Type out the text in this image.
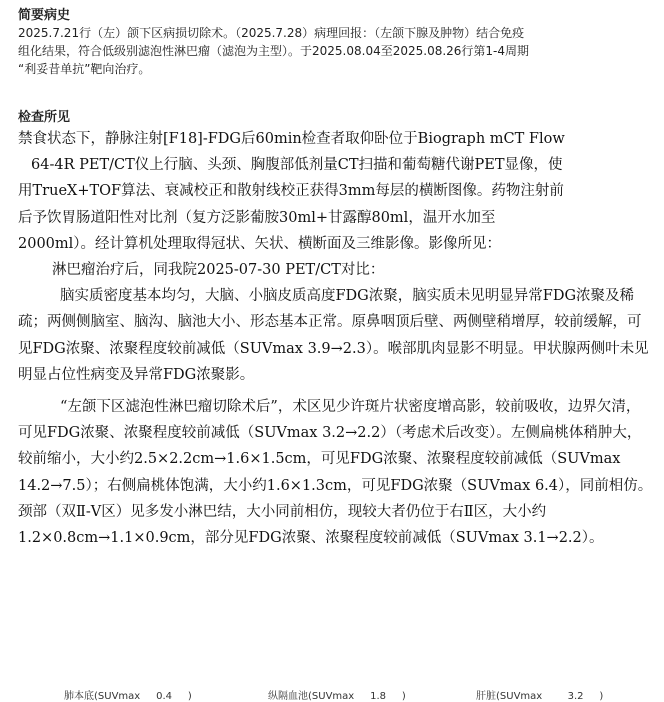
简要病史
2025.7.21行（左）颌下区病损切除术。（2025.7.28）病理回报：（左颌下腺及肿物）结合免疫
组化结果，符合低级别滤泡性淋巴瘤（滤泡为主型）。于2025.08.04至2025.08.26行第1-4周期
“利妥昔单抗”靶向治疗。
检查所见

禁食状态下，静脉注射[F18]-FDG后60min检查者取仰卧位于Biograph mCT Flow

64-4R PET/CT仪上行脑、头颈、胸腹部低剂量CT扫描和葡萄糖代谢PET显像，使

用TrueX+TOF算法、衰减校正和散射线校正获得3mm每层的横断图像。药物注射前

后予饮胃肠道阳性对比剂（复方泛影葡胺30ml+甘露醇80ml，温开水加至

2000ml）。经计算机处理取得冠状、矢状、横断面及三维影像。影像所见：

淋巴瘤治疗后，同我院2025-07-30 PET/CT对比：

脑实质密度基本均匀，大脑、小脑皮质高度FDG浓聚，脑实质未见明显异常FDG浓聚及稀疏；两侧侧脑室、脑沟、脑池大小、形态基本正常。原鼻咽顶后壁、两侧壁稍增厚，较前缓解，可见FDG浓聚、浓聚程度较前减低（SUVmax 3.9→2.3）。喉部肌肉显影不明显。甲状腺两侧叶未见明显占位性病变及异常FDG浓聚影。

“左颌下区滤泡性淋巴瘤切除术后”，术区见少许斑片状密度增高影，较前吸收，边界欠清，可见FDG浓聚、浓聚程度较前减低（SUVmax 3.2→2.2）（考虑术后改变）。左侧扁桃体稍肿大，较前缩小，大小约2.5×2.2cm→1.6×1.5cm，可见FDG浓聚、浓聚程度较前减低（SUVmax 14.2→7.5）；右侧扁桃体饱满，大小约1.6×1.3cm，可见FDG浓聚（SUVmax 6.4），同前相仿。颈部（双Ⅱ-Ⅴ区）见多发小淋巴结，大小同前相仿，现较大者仍位于右Ⅱ区，大小约1.2×0.8cm→1.1×0.9cm，部分见FDG浓聚、浓聚程度较前减低（SUVmax 3.1→2.2）。

肺本底(SUVmax     0.4     )	纵隔血池(SUVmax     1.8     )	肝脏(SUVmax        3.2     )
